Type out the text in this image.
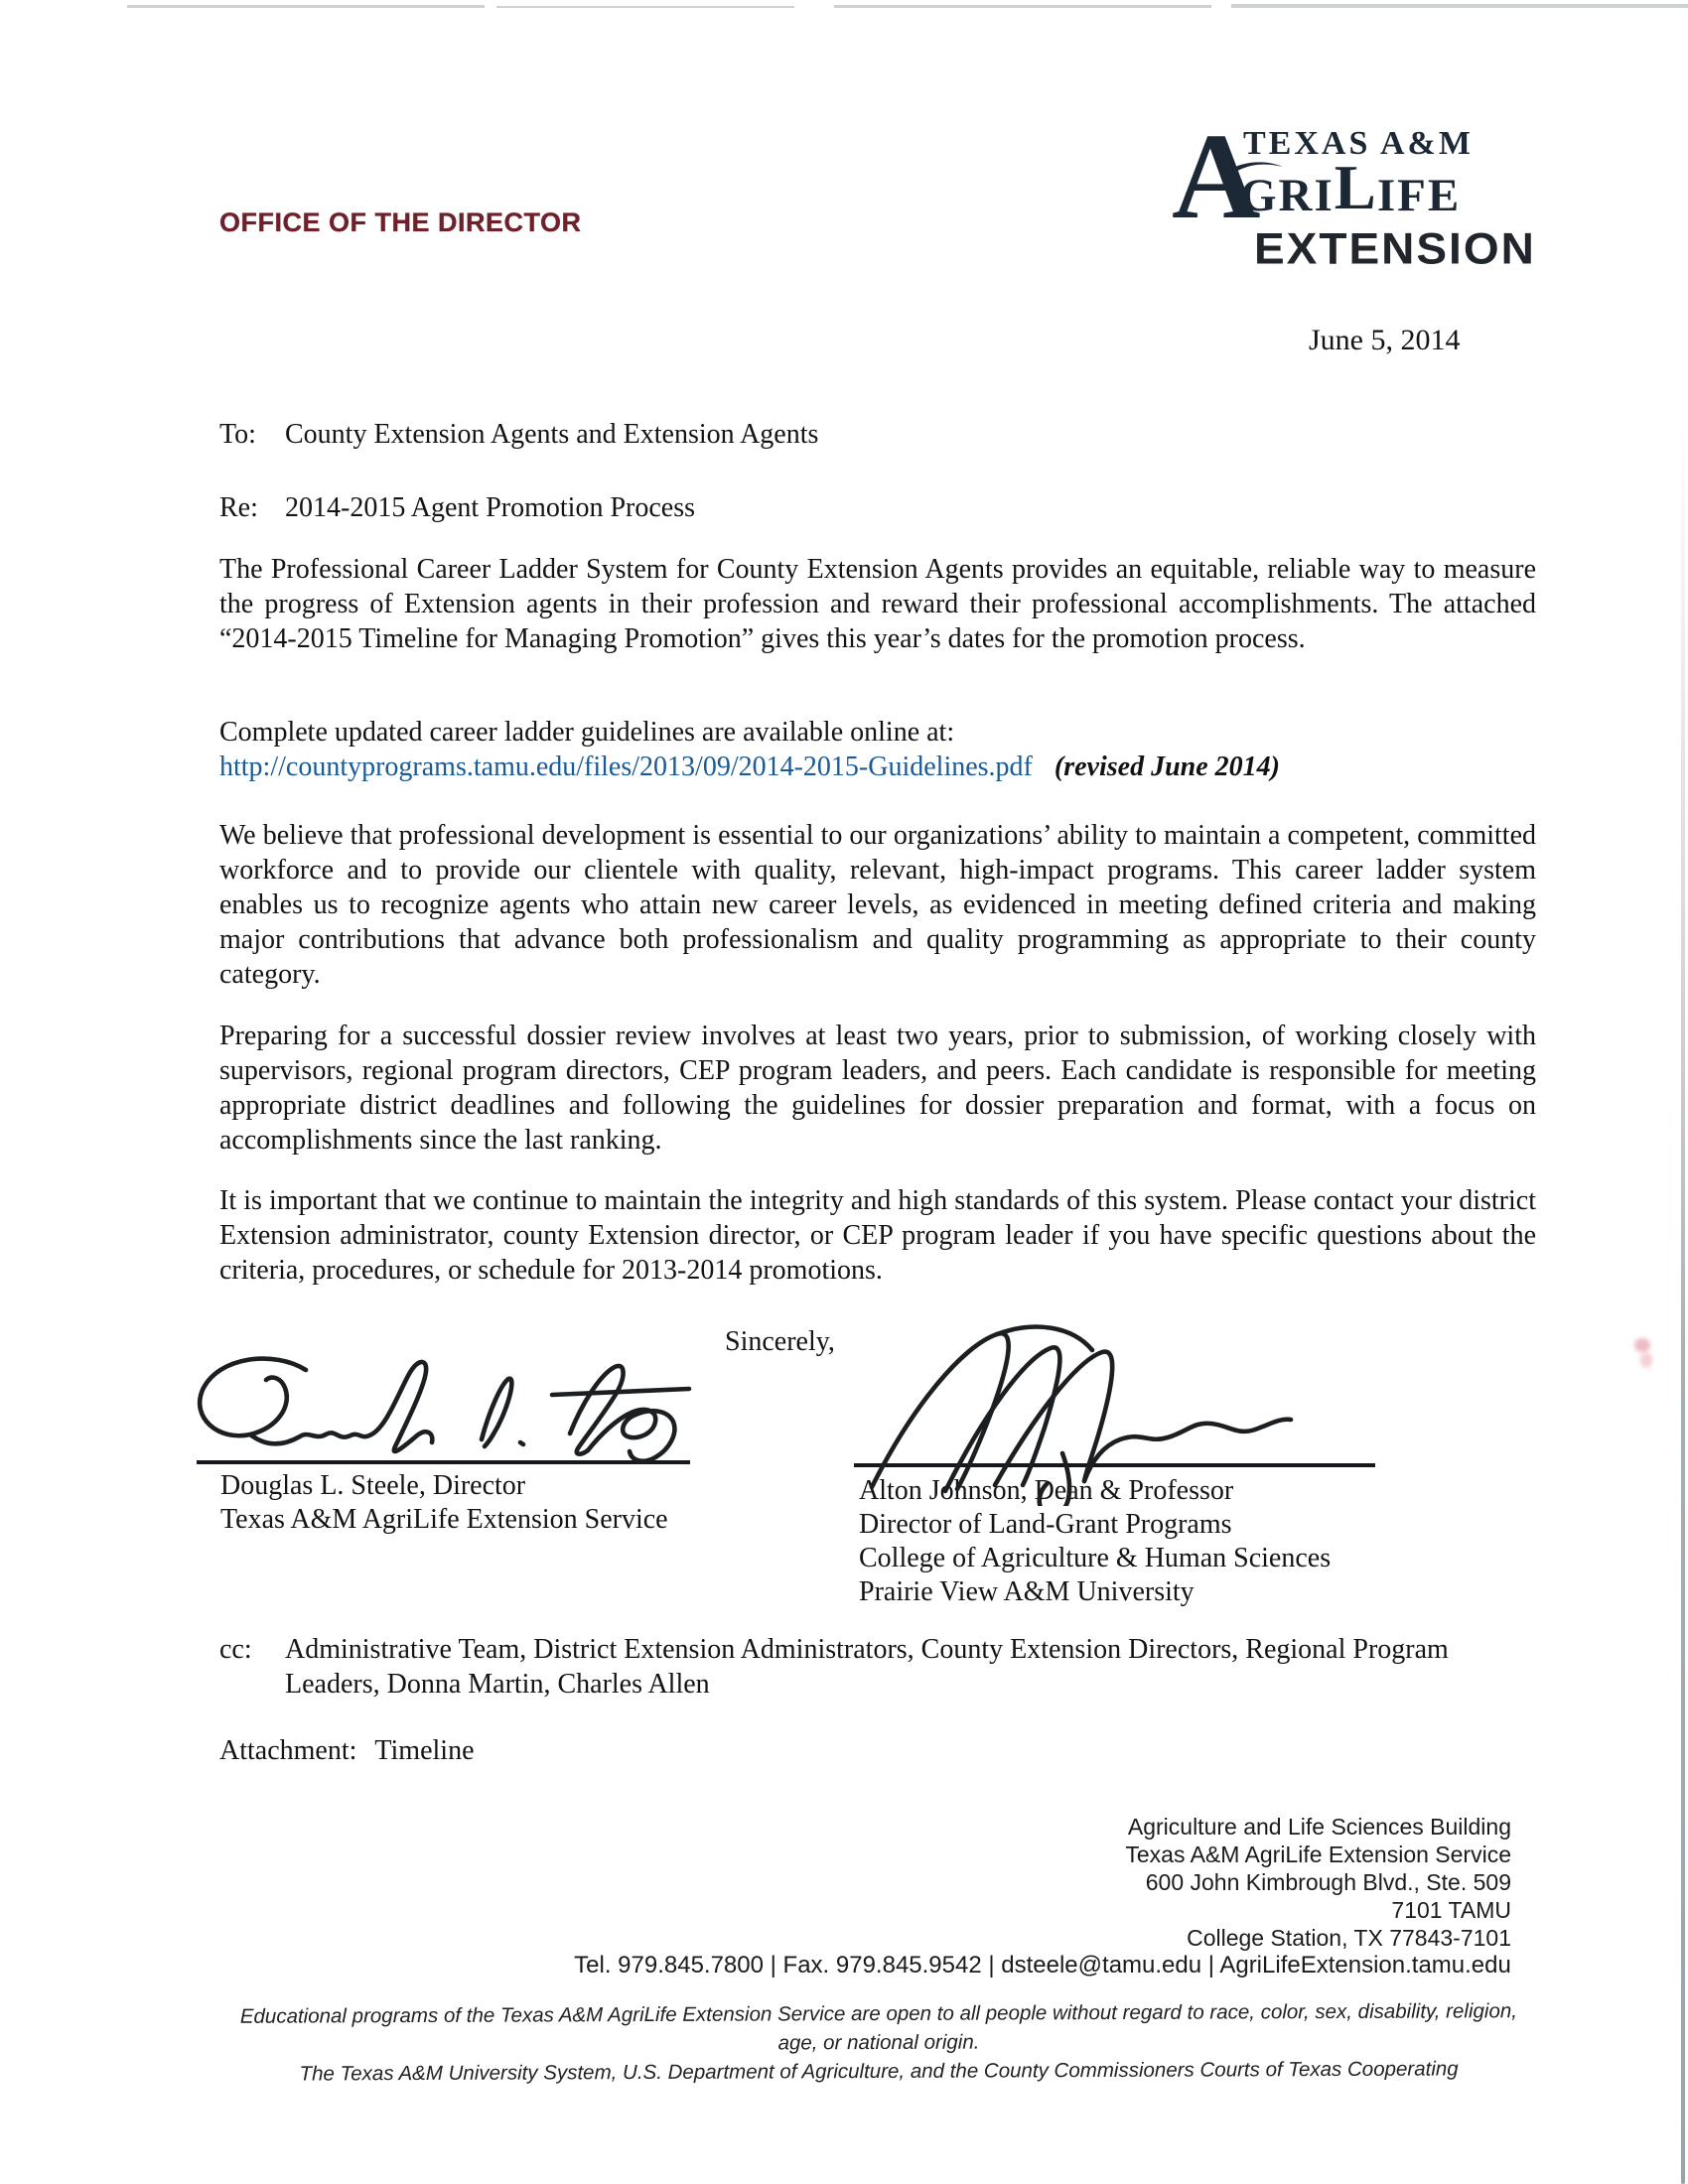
OFFICE OF THE DIRECTOR	A
TEXAS A&M
GRI L IFE
EXTENSION
June 5, 2014
To:	County Extension Agents and Extension Agents
Re: 2014-2015 Agent Promotion Process
The Professional Career Ladder System for County Extension Agents provides an equitable, reliable way to measure the progress of Extension agents in their profession and reward their professional accomplishments. The attached “2014-2015 Timeline for Managing Promotion” gives this year’s dates for the promotion process.
Complete updated career ladder guidelines are available online at:
http://countyprograms.tamu.edu/files/2013/09/2014-2015-Guidelines.pdf (revised June 2014)
We believe that professional development is essential to our organizations’ ability to maintain a competent, committed workforce and to provide our clientele with quality, relevant, high-impact programs. This career ladder system enables us to recognize agents who attain new career levels, as evidenced in meeting defined criteria and making major contributions that advance both professionalism and quality programming as appropriate to their county category.
Preparing for a successful dossier review involves at least two years, prior to submission, of working closely with supervisors, regional program directors, CEP program leaders, and peers. Each candidate is responsible for meeting appropriate district deadlines and following the guidelines for dossier preparation and format, with a focus on accomplishments since the last ranking.
It is important that we continue to maintain the integrity and high standards of this system. Please contact your district Extension administrator, county Extension director, or CEP program leader if you have specific questions about the criteria, procedures, or schedule for 2013-2014 promotions.
Sincerely,
Douglas L. Steele, Director
Texas A&M AgriLife Extension Service
Alton Johnson, Dean & Professor
Director of Land-Grant Programs
College of Agriculture & Human Sciences
Prairie View A&M University
cc:	Administrative Team, District Extension Administrators, County Extension Directors, Regional Program Leaders, Donna Martin, Charles Allen
Attachment: Timeline
Agriculture and Life Sciences Building
Texas A&M AgriLife Extension Service
600 John Kimbrough Blvd., Ste. 509
7101 TAMU
College Station, TX 77843-7101
Tel. 979.845.7800 | Fax. 979.845.9542 | dsteele@tamu.edu | AgriLifeExtension.tamu.edu
Educational programs of the Texas A&M AgriLife Extension Service are open to all people without regard to race, color, sex, disability, religion, age, or national origin.
The Texas A&M University System, U.S. Department of Agriculture, and the County Commissioners Courts of Texas Cooperating
